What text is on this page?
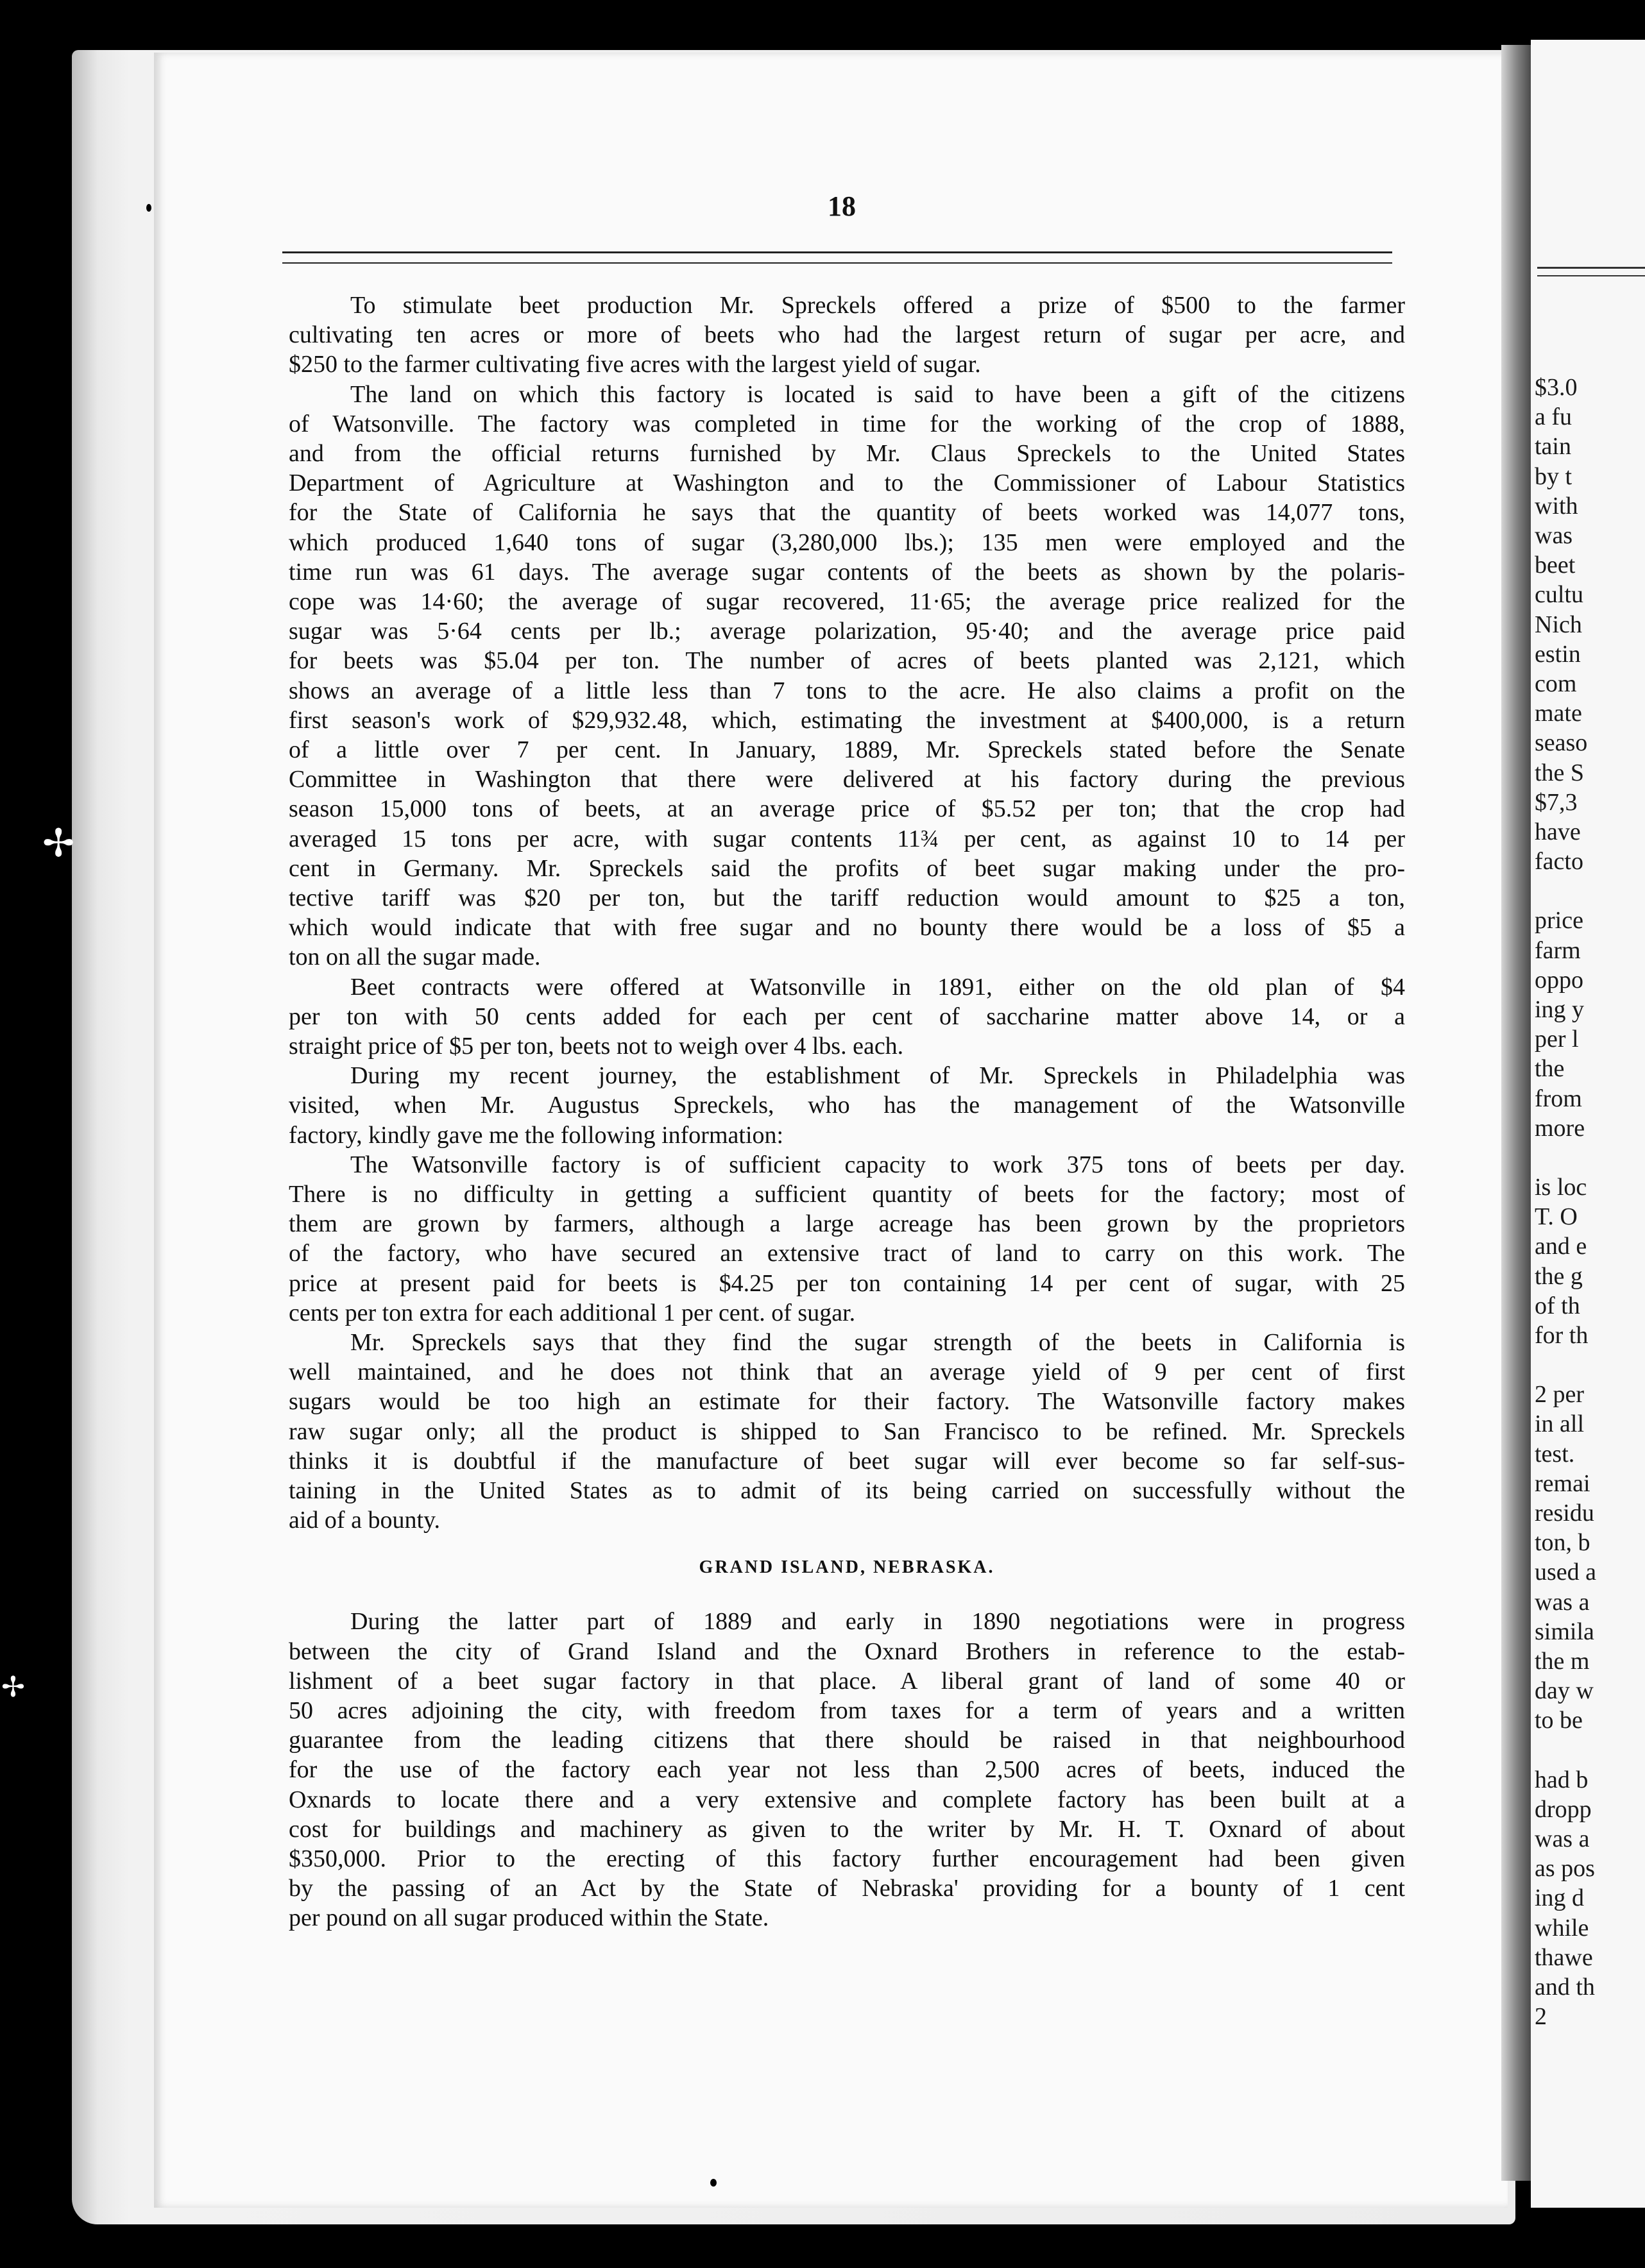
$3.0
a fu
tain
by t
with
was
beet
cultu
Nich
estin
com
mate
seaso
the S
$7,3
have
facto
price
farm
oppo
ing y
per l
the
from
more
is loc
T. O
and e
the g
of th
for th
2 per
in all
test.
remai
residu
ton, b
used a
was a
simila
the m
day w
to be
had b
dropp
was a
as pos
ing d
while
thawe
and th
2
18
GRAND ISLAND, NEBRASKA.
To stimulate beet production Mr. Spreckels offered a prize of $500 to the farmer
cultivating ten acres or more of beets who had the largest return of sugar per acre, and
$250 to the farmer cultivating five acres with the largest yield of sugar.
The land on which this factory is located is said to have been a gift of the citizens
of Watsonville. The factory was completed in time for the working of the crop of 1888,
and from the official returns furnished by Mr. Claus Spreckels to the United States
Department of Agriculture at Washington and to the Commissioner of Labour Statistics
for the State of California he says that the quantity of beets worked was 14,077 tons,
which produced 1,640 tons of sugar (3,280,000 lbs.); 135 men were employed and the
time run was 61 days. The average sugar contents of the beets as shown by the polaris-
cope was 14·60; the average of sugar recovered, 11·65; the average price realized for the
sugar was 5·64 cents per lb.; average polarization, 95·40; and the average price paid
for beets was $5.04 per ton. The number of acres of beets planted was 2,121, which
shows an average of a little less than 7 tons to the acre. He also claims a profit on the
first season's work of $29,932.48, which, estimating the investment at $400,000, is a return
of a little over 7 per cent. In January, 1889, Mr. Spreckels stated before the Senate
Committee in Washington that there were delivered at his factory during the previous
season 15,000 tons of beets, at an average price of $5.52 per ton; that the crop had
averaged 15 tons per acre, with sugar contents 11¾ per cent, as against 10 to 14 per
cent in Germany. Mr. Spreckels said the profits of beet sugar making under the pro-
tective tariff was $20 per ton, but the tariff reduction would amount to $25 a ton,
which would indicate that with free sugar and no bounty there would be a loss of $5 a
ton on all the sugar made.
Beet contracts were offered at Watsonville in 1891, either on the old plan of $4
per ton with 50 cents added for each per cent of saccharine matter above 14, or a
straight price of $5 per ton, beets not to weigh over 4 lbs. each.
During my recent journey, the establishment of Mr. Spreckels in Philadelphia was
visited, when Mr. Augustus Spreckels, who has the management of the Watsonville
factory, kindly gave me the following information:
The Watsonville factory is of sufficient capacity to work 375 tons of beets per day.
There is no difficulty in getting a sufficient quantity of beets for the factory; most of
them are grown by farmers, although a large acreage has been grown by the proprietors
of the factory, who have secured an extensive tract of land to carry on this work. The
price at present paid for beets is $4.25 per ton containing 14 per cent of sugar, with 25
cents per ton extra for each additional 1 per cent. of sugar.
Mr. Spreckels says that they find the sugar strength of the beets in California is
well maintained, and he does not think that an average yield of 9 per cent of first
sugars would be too high an estimate for their factory. The Watsonville factory makes
raw sugar only; all the product is shipped to San Francisco to be refined. Mr. Spreckels
thinks it is doubtful if the manufacture of beet sugar will ever become so far self-sus-
taining in the United States as to admit of its being carried on successfully without the
aid of a bounty.
During the latter part of 1889 and early in 1890 negotiations were in progress
between the city of Grand Island and the Oxnard Brothers in reference to the estab-
lishment of a beet sugar factory in that place. A liberal grant of land of some 40 or
50 acres adjoining the city, with freedom from taxes for a term of years and a written
guarantee from the leading citizens that there should be raised in that neighbourhood
for the use of the factory each year not less than 2,500 acres of beets, induced the
Oxnards to locate there and a very extensive and complete factory has been built at a
cost for buildings and machinery as given to the writer by Mr. H. T. Oxnard of about
$350,000. Prior to the erecting of this factory further encouragement had been given
by the passing of an Act by the State of Nebraska' providing for a bounty of 1 cent
per pound on all sugar produced within the State.
✢
✢
